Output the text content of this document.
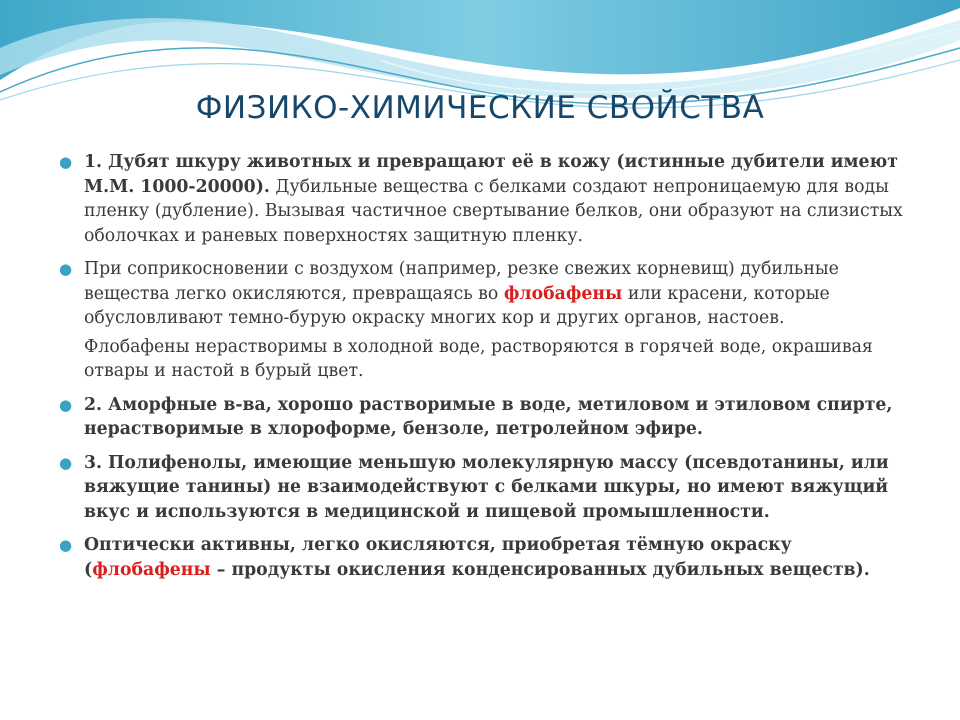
ФИЗИКО-ХИМИЧЕСКИЕ СВОЙСТВА
● 1. Дубят шкуру животных и превращают её в кожу (истинные дубители имеют М.М. 1000-20000). Дубильные вещества с белками создают непроницаемую для воды пленку (дубление). Вызывая частичное свертывание белков, они образуют на слизистых оболочках и раневых поверхностях защитную пленку.
● При соприкосновении с воздухом (например, резке свежих корневищ) дубильные вещества легко окисляются, превращаясь во флобафены или красени, которые обусловливают темно-бурую окраску многих кор и других органов, настоев.
Флобафены нерастворимы в холодной воде, растворяются в горячей воде, окрашивая отвары и настой в бурый цвет.
● 2. Аморфные в-ва, хорошо растворимые в воде, метиловом и этиловом спирте, нерастворимые в хлороформе, бензоле, петролейном эфире.
● 3. Полифенолы, имеющие меньшую молекулярную массу (псевдотанины, или вяжущие танины) не взаимодействуют с белками шкуры, но имеют вяжущий вкус и используются в медицинской и пищевой промышленности.
● Оптически активны, легко окисляются, приобретая тёмную окраску (флобафены – продукты окисления конденсированных дубильных веществ).
